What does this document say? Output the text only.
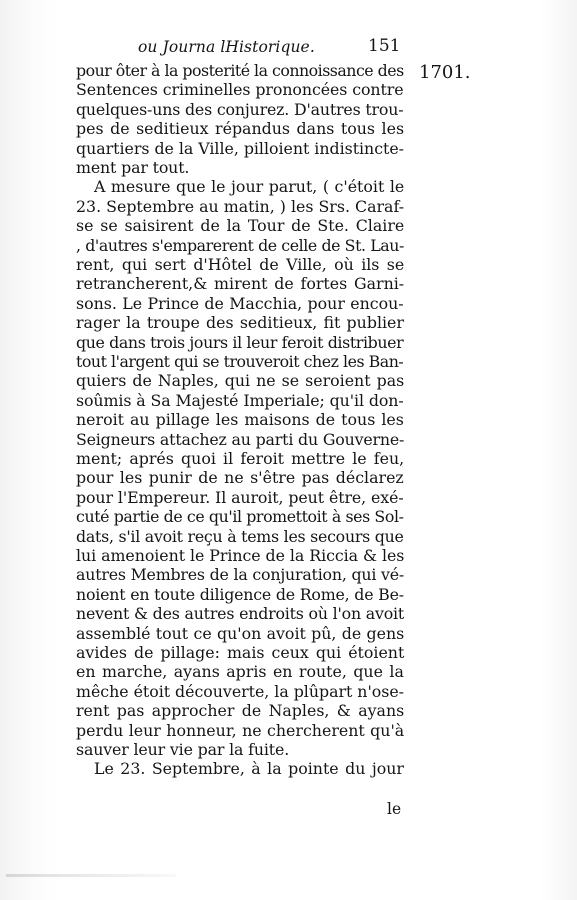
ou Journa lHistorique.	151
1701.
pour ôter à la posterité la connoissance des
Sentences criminelles prononcées contre
quelques-uns des conjurez. D'autres trou-
pes de seditieux répandus dans tous les
quartiers de la Ville, pilloient indistincte-
ment par tout.
A mesure que le jour parut, ( c'étoit le
23. Septembre au matin, ) les Srs. Caraf-
se se saisirent de la Tour de Ste. Claire
, d'autres s'emparerent de celle de St. Lau-
rent, qui sert d'Hôtel de Ville, où ils se
retrancherent,& mirent de fortes Garni-
sons. Le Prince de Macchia, pour encou-
rager la troupe des seditieux, fit publier
que dans trois jours il leur feroit distribuer
tout l'argent qui se trouveroit chez les Ban-
quiers de Naples, qui ne se seroient pas
soûmis à Sa Majesté Imperiale; qu'il don-
neroit au pillage les maisons de tous les
Seigneurs attachez au parti du Gouverne-
ment; aprés quoi il feroit mettre le feu,
pour les punir de ne s'être pas déclarez
pour l'Empereur. Il auroit, peut être, exé-
cuté partie de ce qu'il promettoit à ses Sol-
dats, s'il avoit reçu à tems les secours que
lui amenoient le Prince de la Riccia & les
autres Membres de la conjuration, qui vé-
noient en toute diligence de Rome, de Be-
nevent & des autres endroits où l'on avoit
assemblé tout ce qu'on avoit pû, de gens
avides de pillage: mais ceux qui étoient
en marche, ayans apris en route, que la
mêche étoit découverte, la plûpart n'ose-
rent pas approcher de Naples, & ayans
perdu leur honneur, ne chercherent qu'à
sauver leur vie par la fuite.
Le 23. Septembre, à la pointe du jour
le
